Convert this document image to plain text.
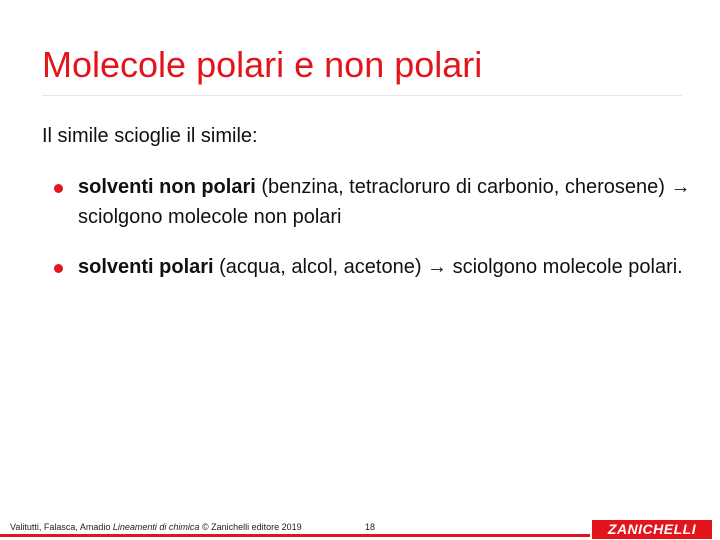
Molecole polari e non polari
Il simile scioglie il simile:
solventi non polari (benzina, tetracloruro di carbonio, cherosene) → sciolgono molecole non polari
solventi polari (acqua, alcol, acetone) → sciolgono molecole polari.
Valitutti, Falasca, Amadio Lineamenti di chimica © Zanichelli editore 2019	18	ZANICHELLI
